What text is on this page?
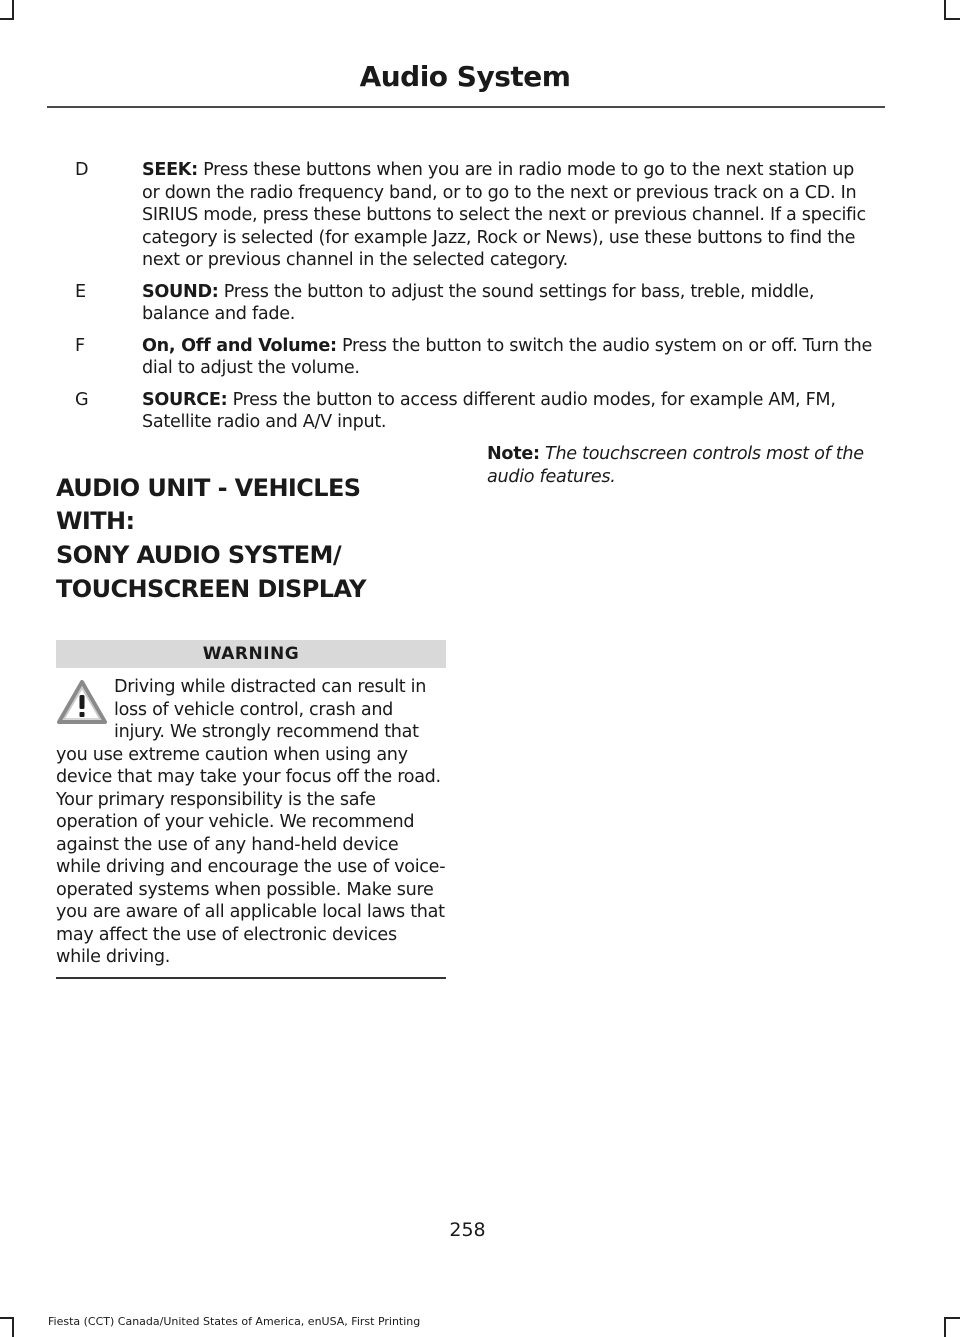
Audio System
D	SEEK: Press these buttons when you are in radio mode to go to the next station up or down the radio frequency band, or to go to the next or previous track on a CD. In SIRIUS mode, press these buttons to select the next or previous channel. If a specific category is selected (for example Jazz, Rock or News), use these buttons to find the next or previous channel in the selected category.
E	SOUND: Press the button to adjust the sound settings for bass, treble, middle, balance and fade.
F	On, Off and Volume: Press the button to switch the audio system on or off. Turn the dial to adjust the volume.
G	SOURCE: Press the button to access different audio modes, for example AM, FM, Satellite radio and A/V input.
AUDIO UNIT - VEHICLES WITH:
SONY AUDIO SYSTEM/
TOUCHSCREEN DISPLAY
WARNING
Driving while distracted can result in loss of vehicle control, crash and injury. We strongly recommend that you use extreme caution when using any device that may take your focus off the road. Your primary responsibility is the safe operation of your vehicle. We recommend against the use of any hand-held device while driving and encourage the use of voice-operated systems when possible. Make sure you are aware of all applicable local laws that may affect the use of electronic devices while driving.
Note: The touchscreen controls most of the audio features.
258
Fiesta (CCT) Canada/United States of America, enUSA, First Printing
